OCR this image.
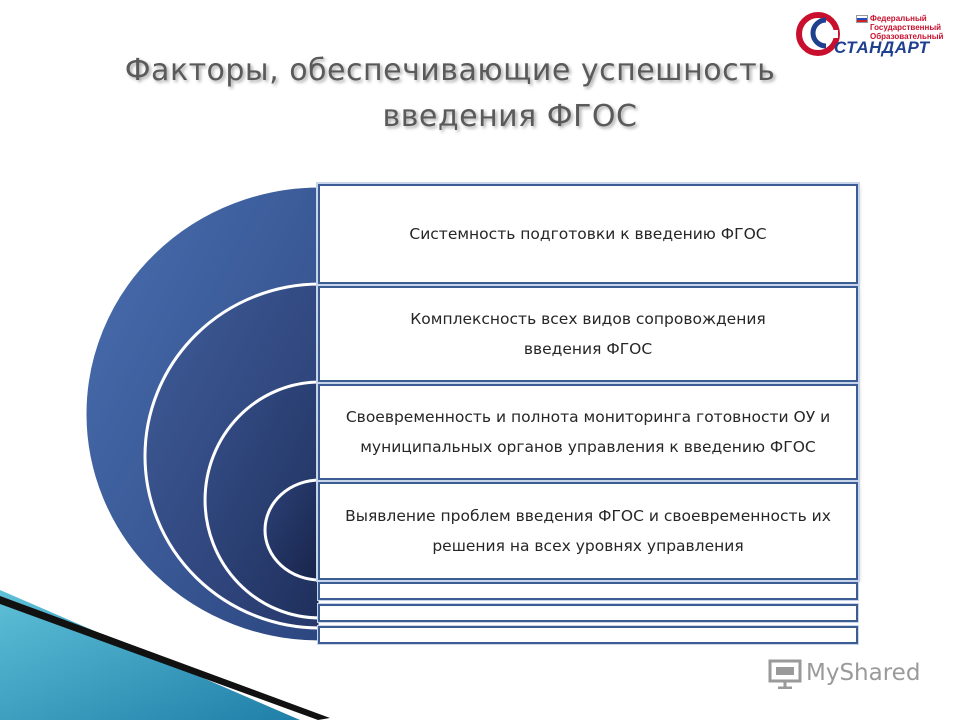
Факторы, обеспечивающие успешность
введения ФГОС
Федеральный
Государственный
Образовательный
СТАНДАРТ
Системность подготовки к введению ФГОС
Комплексность всех видов сопровождения введения ФГОС
Своевременность и полнота мониторинга готовности ОУ и муниципальных органов управления к введению ФГОС
Выявление проблем введения ФГОС и своевременность их решения на всех уровнях управления
MyShared
